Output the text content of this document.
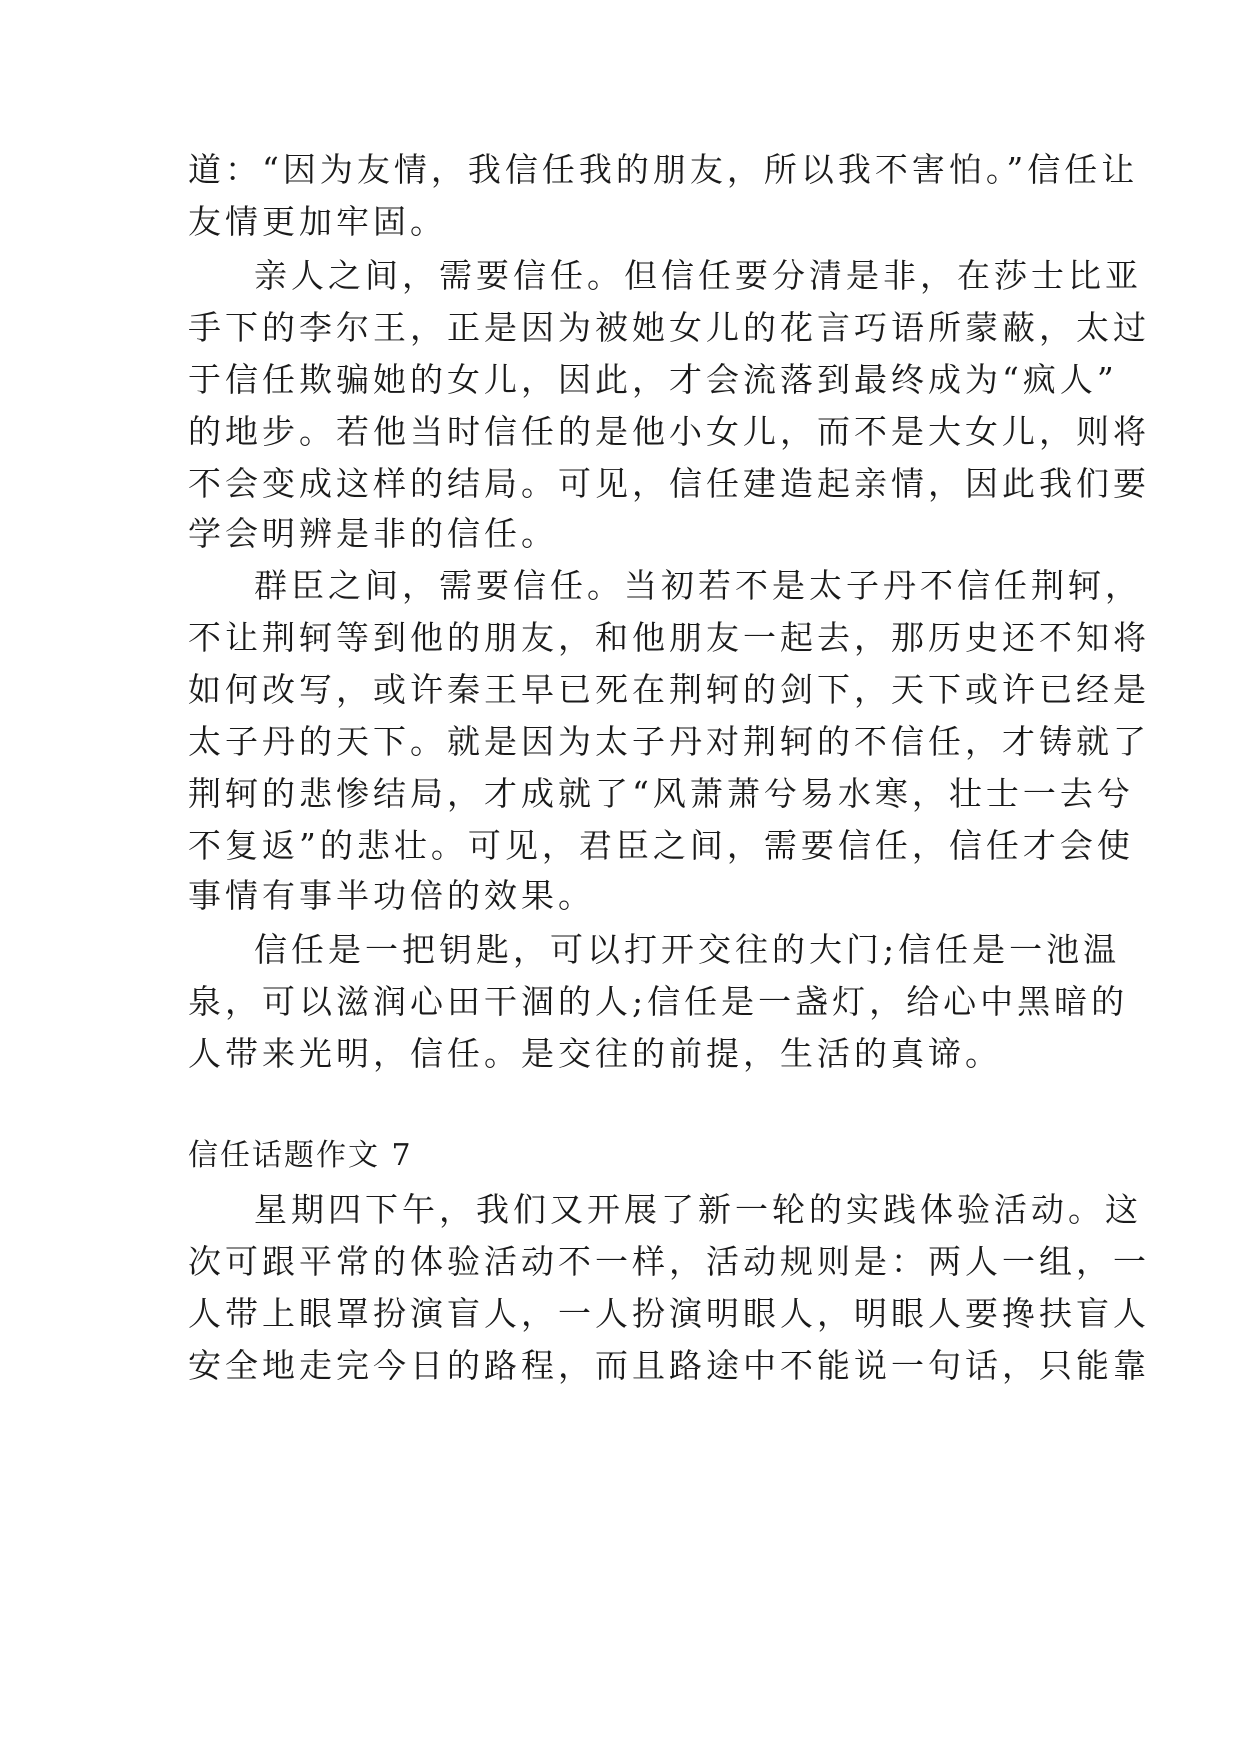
道：“因为友情，我信任我的朋友，所以我不害怕。”信任让
友情更加牢固。
亲人之间，需要信任。但信任要分清是非，在莎士比亚
手下的李尔王，正是因为被她女儿的花言巧语所蒙蔽，太过
于信任欺骗她的女儿，因此，才会流落到最终成为“疯人”
的地步。若他当时信任的是他小女儿，而不是大女儿，则将
不会变成这样的结局。可见，信任建造起亲情，因此我们要
学会明辨是非的信任。
群臣之间，需要信任。当初若不是太子丹不信任荆轲，
不让荆轲等到他的朋友，和他朋友一起去，那历史还不知将
如何改写，或许秦王早已死在荆轲的剑下，天下或许已经是
太子丹的天下。就是因为太子丹对荆轲的不信任，才铸就了
荆轲的悲惨结局，才成就了“风萧萧兮易水寒，壮士一去兮
不复返”的悲壮。可见，君臣之间，需要信任，信任才会使
事情有事半功倍的效果。
信任是一把钥匙，可以打开交往的大门;信任是一池温
泉，可以滋润心田干涸的人;信任是一盏灯，给心中黑暗的
人带来光明，信任。是交往的前提，生活的真谛。
信任话题作文 7
星期四下午，我们又开展了新一轮的实践体验活动。这
次可跟平常的体验活动不一样，活动规则是：两人一组，一
人带上眼罩扮演盲人，一人扮演明眼人，明眼人要搀扶盲人
安全地走完今日的路程，而且路途中不能说一句话，只能靠
